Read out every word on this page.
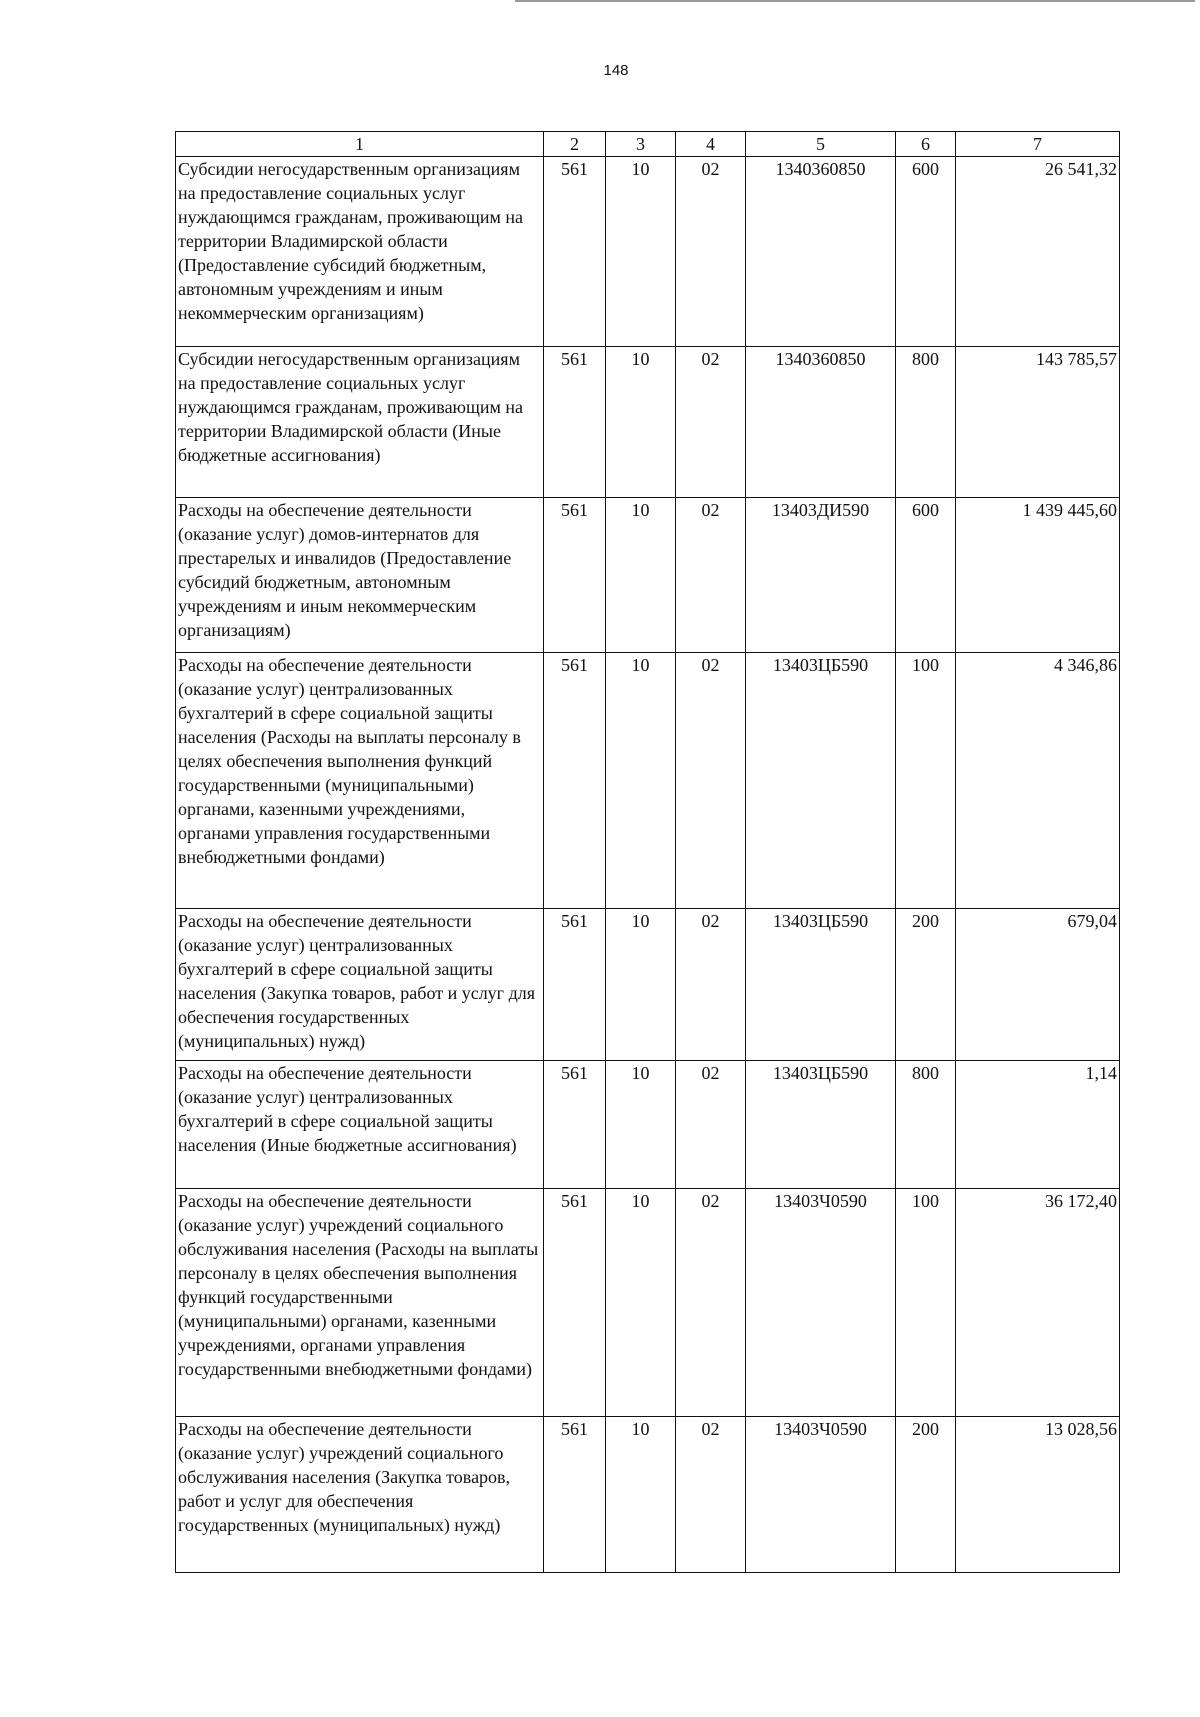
148
1	2	3	4	5	6	7
Субсидии негосударственным организациям на предоставление социальных услуг нуждающимся гражданам, проживающим на территории Владимирской области (Предоставление субсидий бюджетным, автономным учреждениям и иным некоммерческим организациям)	561	10	02	1340360850	600	26 541,32
Субсидии негосударственным организациям на предоставление социальных услуг нуждающимся гражданам, проживающим на территории Владимирской области (Иные бюджетные ассигнования)	561	10	02	1340360850	800	143 785,57
Расходы на обеспечение деятельности (оказание услуг) домов-интернатов для престарелых и инвалидов (Предоставление субсидий бюджетным, автономным учреждениям и иным некоммерческим организациям)	561	10	02	13403ДИ590	600	1 439 445,60
Расходы на обеспечение деятельности (оказание услуг) централизованных бухгалтерий в сфере социальной защиты населения (Расходы на выплаты персоналу в целях обеспечения выполнения функций государственными (муниципальными) органами, казенными учреждениями, органами управления государственными внебюджетными фондами)	561	10	02	13403ЦБ590	100	4 346,86
Расходы на обеспечение деятельности (оказание услуг) централизованных бухгалтерий в сфере социальной защиты населения (Закупка товаров, работ и услуг для обеспечения государственных (муниципальных) нужд)	561	10	02	13403ЦБ590	200	679,04
Расходы на обеспечение деятельности (оказание услуг) централизованных бухгалтерий в сфере социальной защиты населения (Иные бюджетные ассигнования)	561	10	02	13403ЦБ590	800	1,14
Расходы на обеспечение деятельности (оказание услуг) учреждений социального обслуживания населения (Расходы на выплаты персоналу в целях обеспечения выполнения функций государственными (муниципальными) органами, казенными учреждениями, органами управления государственными внебюджетными фондами)	561	10	02	13403Ч0590	100	36 172,40
Расходы на обеспечение деятельности (оказание услуг) учреждений социального обслуживания населения (Закупка товаров, работ и услуг для обеспечения государственных (муниципальных) нужд)	561	10	02	13403Ч0590	200	13 028,56
